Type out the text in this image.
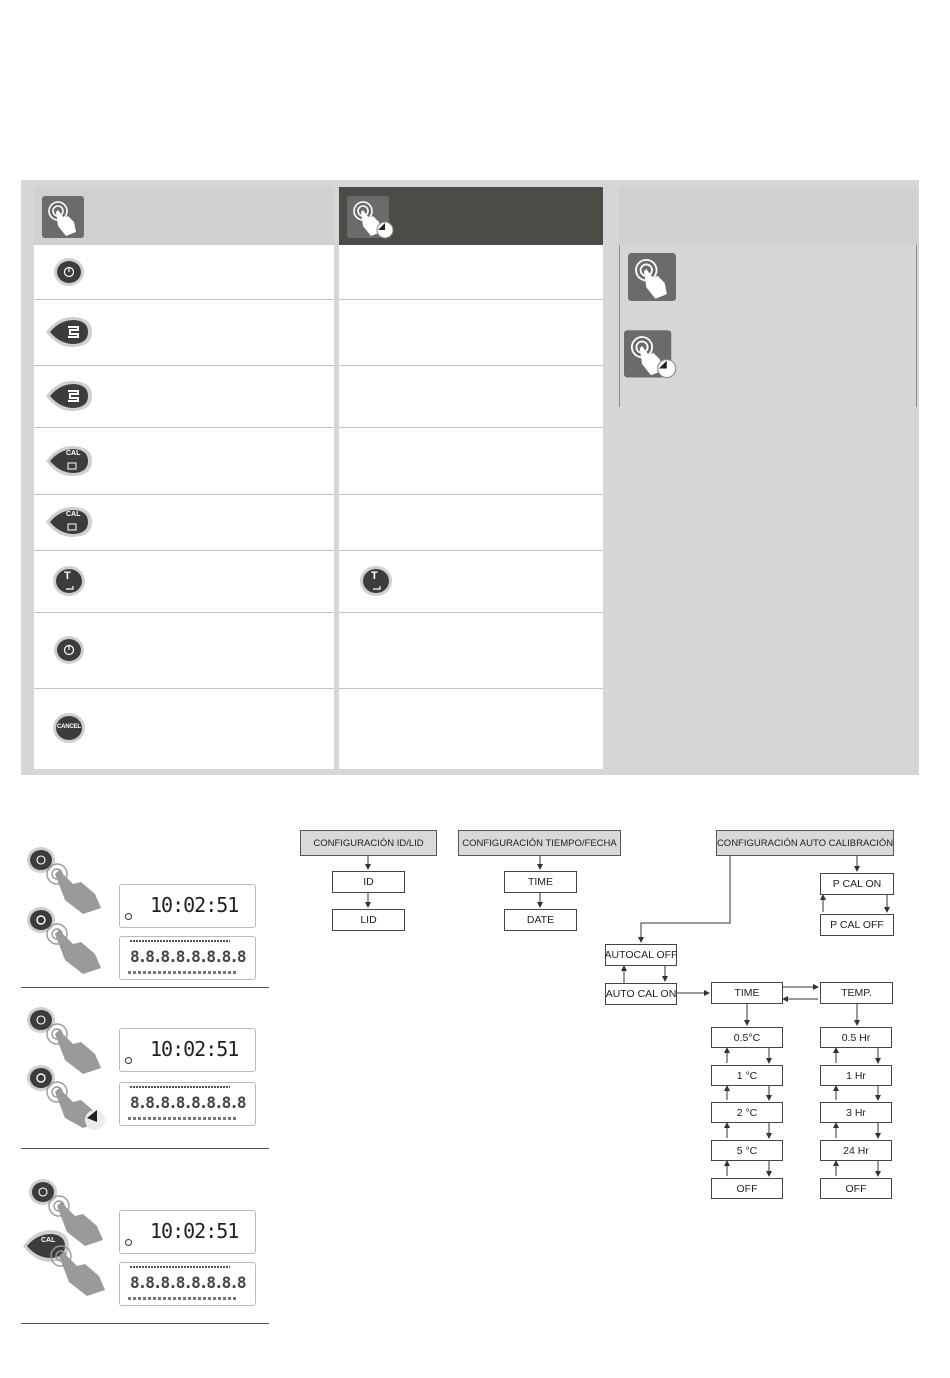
CAL
CAL
T	T
CANCEL
10:02:51
8.8.8.8.8.8.8.8
10:02:51
8.8.8.8.8.8.8.8
CAL	10:02:51
8.8.8.8.8.8.8.8
CONFIGURACIÓN ID/LID
ID
LID
CONFIGURACIÓN TIEMPO/FECHA
TIME
DATE
CONFIGURACIÓN AUTO CALIBRACIÓN
P CAL ON
P CAL OFF
AUTOCAL OFF
AUTO CAL ON	TIME	TEMP.
0.5°C
1 °C
2 °C
5 °C
OFF
0.5 Hr
1 Hr
3 Hr
24 Hr
OFF
